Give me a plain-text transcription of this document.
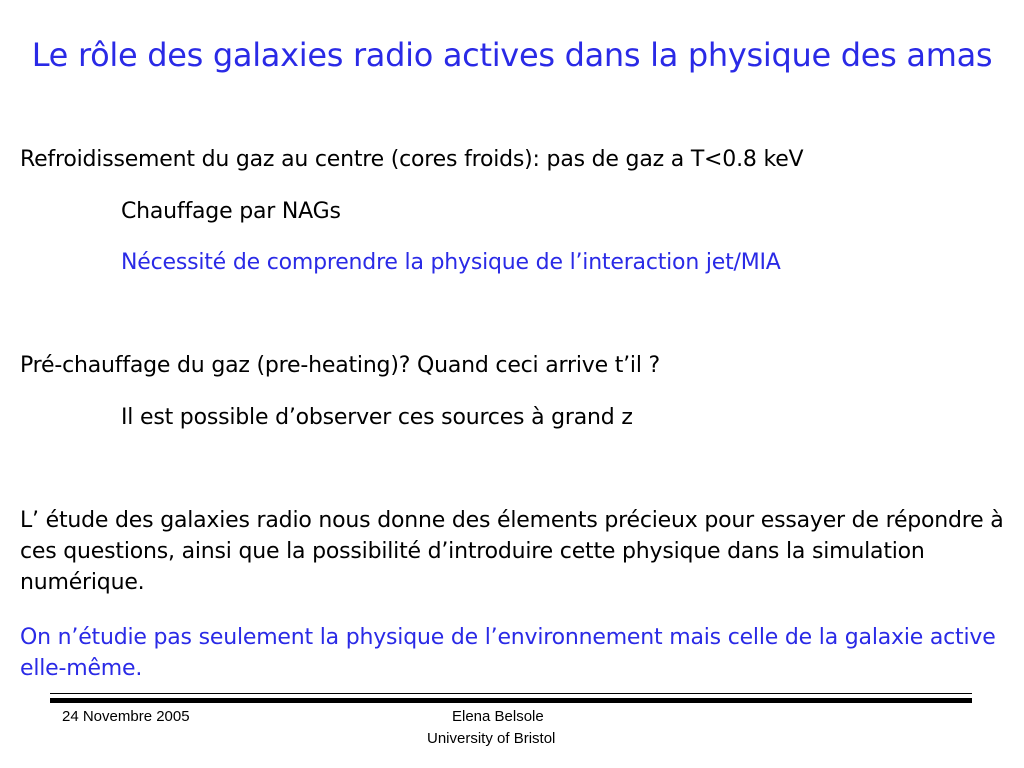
Le rôle des galaxies radio actives dans la physique des amas
Refroidissement du gaz au centre (cores froids): pas de gaz a T<0.8 keV
Chauffage par NAGs
Nécessité de comprendre la physique de l’interaction jet/MIA
Pré-chauffage du gaz (pre-heating)? Quand ceci arrive t’il ?
Il est possible d’observer ces sources à grand z
L’ étude des galaxies radio nous donne des élements précieux pour essayer de répondre à ces questions, ainsi que la possibilité d’introduire cette physique dans la simulation numérique.
On n’étudie pas seulement la physique de l’environnement mais celle de la galaxie active elle-même.
24 Novembre 2005	Elena Belsole
University of Bristol
